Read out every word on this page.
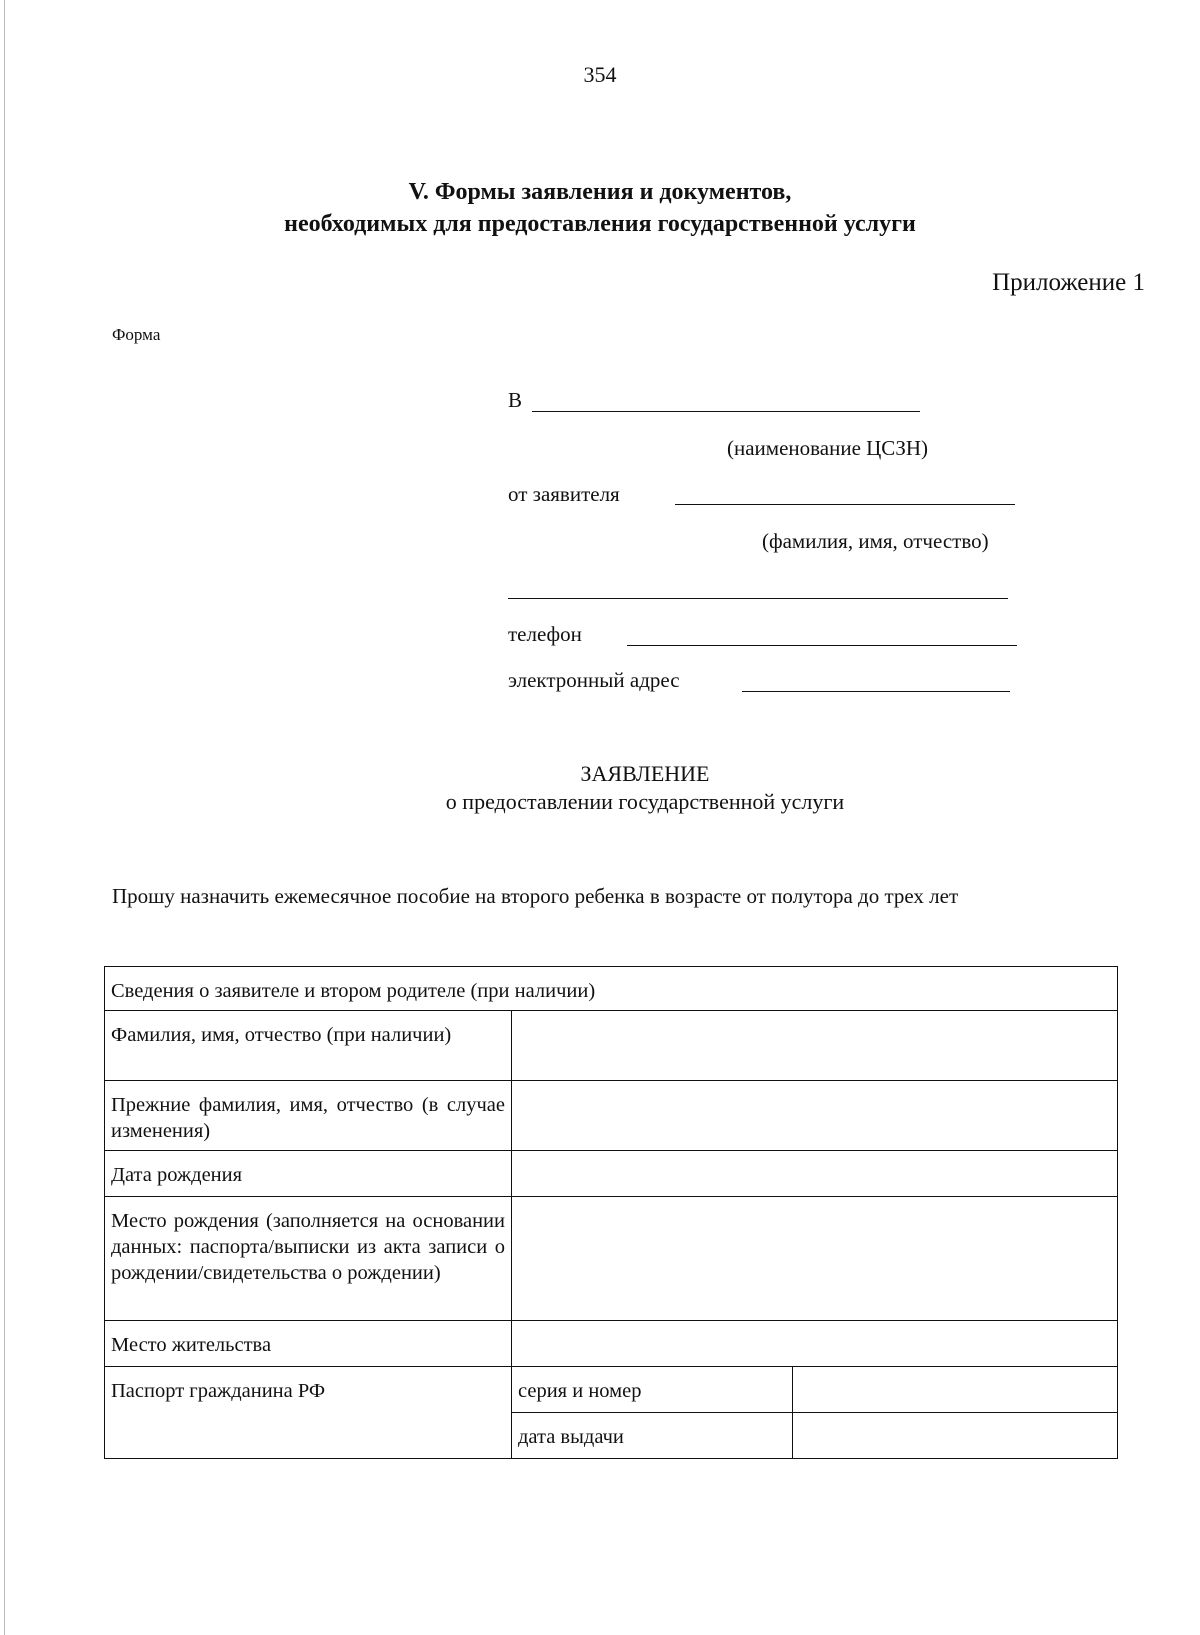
354
V. Формы заявления и документов,
необходимых для предоставления государственной услуги
Приложение 1
Форма
В
(наименование ЦСЗН)
от заявителя
(фамилия, имя, отчество)
телефон
электронный адрес
ЗАЯВЛЕНИЕ
о предоставлении государственной услуги
Прошу назначить ежемесячное пособие на второго ребенка в возрасте от полутора до трех лет
Сведения о заявителе и втором родителе (при наличии)		
Фамилия, имя, отчество (при наличии)		
Прежние фамилия, имя, отчество (в случае изменения)		
Дата рождения		
Место рождения (заполняется на основании данных: паспорта/выписки из акта записи о рождении/свидетельства о рождении)		
Место жительства		
Паспорт гражданина РФ	серия и номер	
	дата выдачи	
